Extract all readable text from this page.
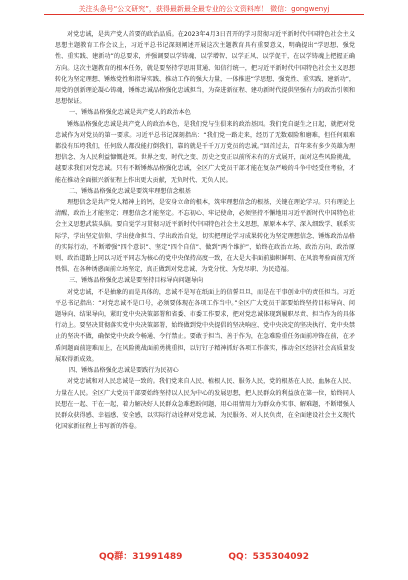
关注头条号“公文研究”，获得最新最全最专业的公文资料库！ 微信：gongwenyj

对党忠诚，是共产党人首要的政治品质。在2023年4月3日召开的学习贯彻习近平新时代中国特色社会主义思想主题教育工作会议上，习近平总书记深刻阐述开展这次主题教育具有重要意义，明确提出“学思想、强党性、重实践、建新功”的总要求，并强调要以学铸魂、以学增智、以学正风、以学促干，在以学铸魂上把握正确方向。这次主题教育的根本任务，就是要坚持学思用贯通、知信行统一，把习近平新时代中国特色社会主义思想转化为坚定理想、锤炼党性和指导实践、推动工作的强大力量，一体推进“学思想、强党性、重实践、建新功”，用党的创新理论凝心铸魂，锤炼忠诚品格强化忠诚担当，为奋进新征程、建功新时代提供坚强有力的政治引领和思想保证。

一、锤炼品格强化忠诚是共产党人的政治本色

锤炼品格强化忠诚是共产党人的政治本色，是我们党与生俱来的政治基因。我们党自诞生之日起，就把对党忠诚作为对党员的第一要求。习近平总书记深刻指出：“我们党一路走来，经历了无数艰险和磨难，但任何艰难都没有压垮我们，任何敌人都没能打倒我们，靠的就是千千万万党员的忠诚。”回首过去，百年来有多少英雄为理想信念、为人民利益慷慨赴死。世界之变、时代之变、历史之变正以前所未有的方式展开，面对这些风险挑战，越要求我们对党忠诚。只有不断锤炼品格强化忠诚，全区广大党员干部才能在复杂严峻的斗争中经受住考验，才能在推动全面振兴新征程上作出更大贡献，无负时代、无负人民。

二、锤炼品格强化忠诚是要筑牢理想信念根基

理想信念是共产党人精神上的钙，是安身立命的根本，筑牢理想信念的根基，关键在理论学习。只有理论上清醒，政治上才能坚定；理想信念才能坚定。不忘初心、牢记使命，必须坚持不懈地用习近平新时代中国特色社会主义思想武装头脑。要自觉学习贯彻习近平新时代中国特色社会主义思想，原原本本学、深入细致学、联系实际学，学出坚定信仰、学出使命担当、学出政治自觉，切实把理论学习成果转化为坚定理想信念、锤炼政治品格的实际行动，不断增强“四个意识”、坚定“四个自信”、做到“两个维护”，始终在政治立场、政治方向、政治原则、政治道路上同以习近平同志为核心的党中央保持高度一致，在大是大非面前旗帜鲜明、在风浪考验面前无所畏惧、在各种诱惑面前立场坚定，真正做到对党忠诚、为党分忧、为党尽职、为民造福。

三、锤炼品格强化忠诚是要坚持目标导向问题导向

对党忠诚，不是抽象的而是具体的，忠诚不是写在纸面上的信誓旦旦，而是在干事创业中的责任担当。习近平总书记指出：“对党忠诚不是口号，必须要体现在各项工作当中。”全区广大党员干部要始终坚持目标导向、问题导向、结果导向，紧盯党中央决策部署和省委、市委工作要求，把对党忠诚体现到履职尽责、担当作为的具体行动上。要坚决贯彻落实党中央决策部署，始终做到党中央提倡的坚决响应、党中央决定的坚决执行、党中央禁止的坚决不做，确保党中央政令畅通、令行禁止。要敢于担当、善于作为，在急难险重任务面前冲锋在前，在矛盾问题面前迎难而上，在风险挑战面前勇挑重担，以钉钉子精神抓好各项工作落实，推动全区经济社会高质量发展取得新成效。

四、锤炼品格强化忠诚是要践行为民初心

对党忠诚和对人民忠诚是一致的。我们党来自人民、植根人民、服务人民，党的根基在人民、血脉在人民、力量在人民。全区广大党员干部要始终坚持以人民为中心的发展思想，把人民群众的利益放在第一位，始终同人民想在一起、干在一起，着力解决好人民群众急难愁盼问题，用心用情用力为群众办实事、解难题，不断增强人民群众获得感、幸福感、安全感，以实际行动诠释对党忠诚、为民服务、对人民负责，在全面建设社会主义现代化国家新征程上书写新的答卷。

QQ群：31991489	QQ：535304092
